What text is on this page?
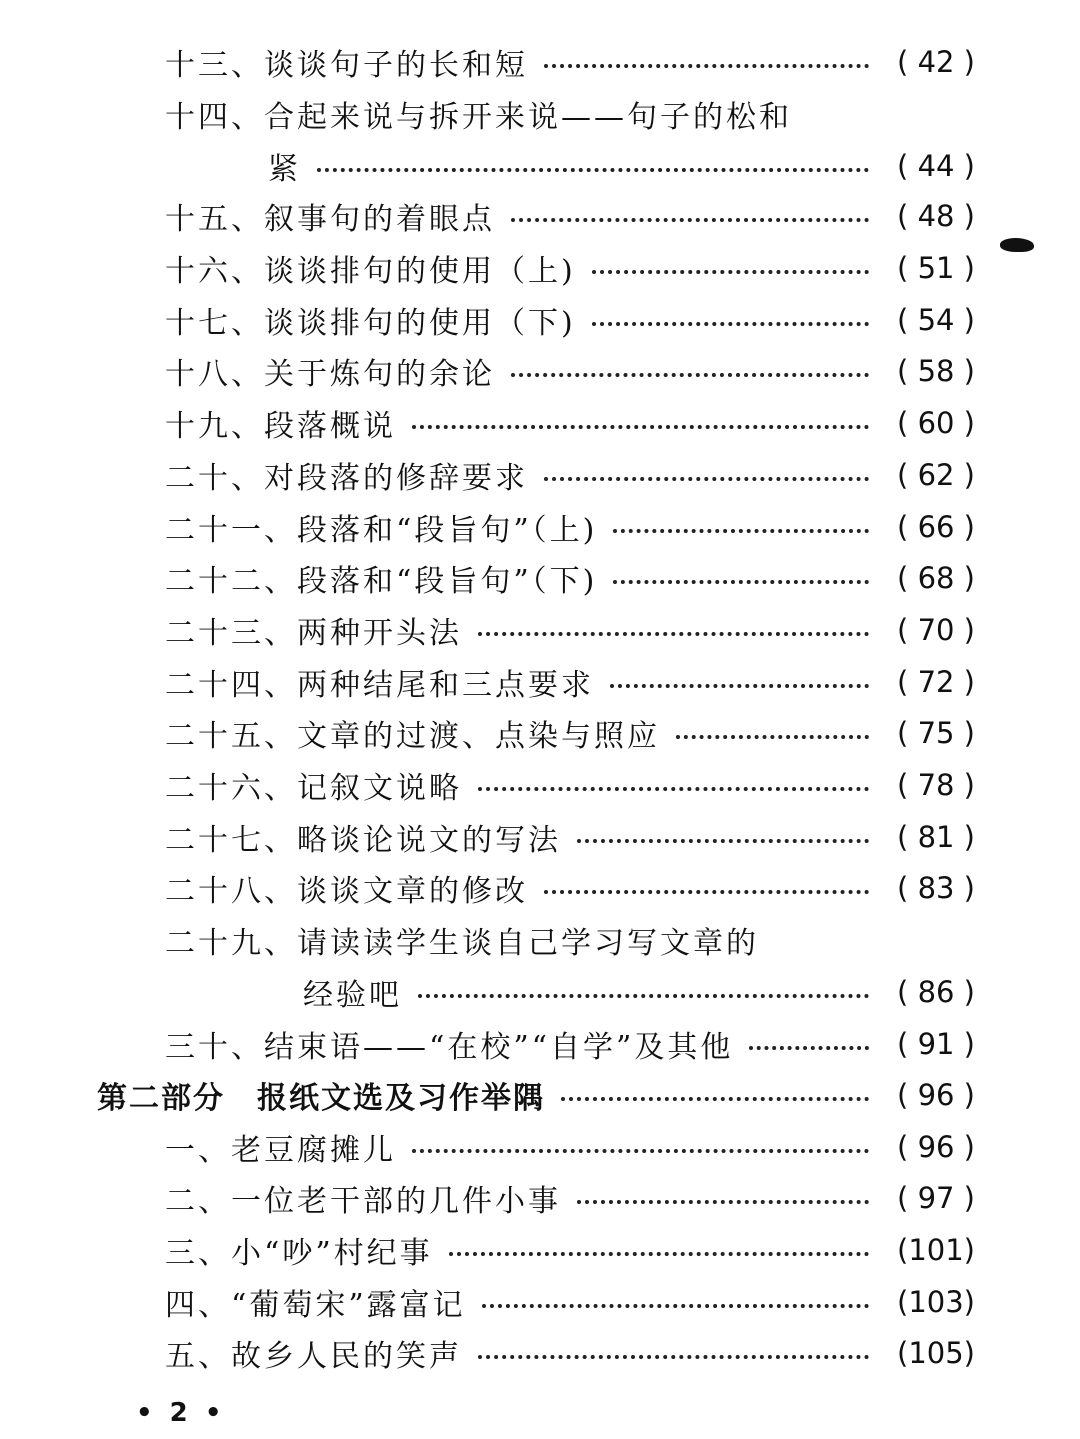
十三、谈谈句子的长和短	( 42 )
十四、合起来说与拆开来说——句子的松和
紧	( 44 )
十五、叙事句的着眼点	( 48 )
十六、谈谈排句的使用（上)	( 51 )
十七、谈谈排句的使用（下)	( 54 )
十八、关于炼句的余论	( 58 )
十九、段落概说	( 60 )
二十、对段落的修辞要求	( 62 )
二十一、段落和“段旨句”（上)	( 66 )
二十二、段落和“段旨句”（下)	( 68 )
二十三、两种开头法	( 70 )
二十四、两种结尾和三点要求	( 72 )
二十五、文章的过渡、点染与照应	( 75 )
二十六、记叙文说略	( 78 )
二十七、略谈论说文的写法	( 81 )
二十八、谈谈文章的修改	( 83 )
二十九、请读读学生谈自己学习写文章的
经验吧	( 86 )
三十、结束语——“在校”“自学”及其他	( 91 )
第二部分　报纸文选及习作举隅	( 96 )
一、老豆腐摊儿	( 96 )
二、一位老干部的几件小事	( 97 )
三、小“吵”村纪事	(101)
四、“葡萄宋”露富记	(103)
五、故乡人民的笑声	(105)
• 2 •
